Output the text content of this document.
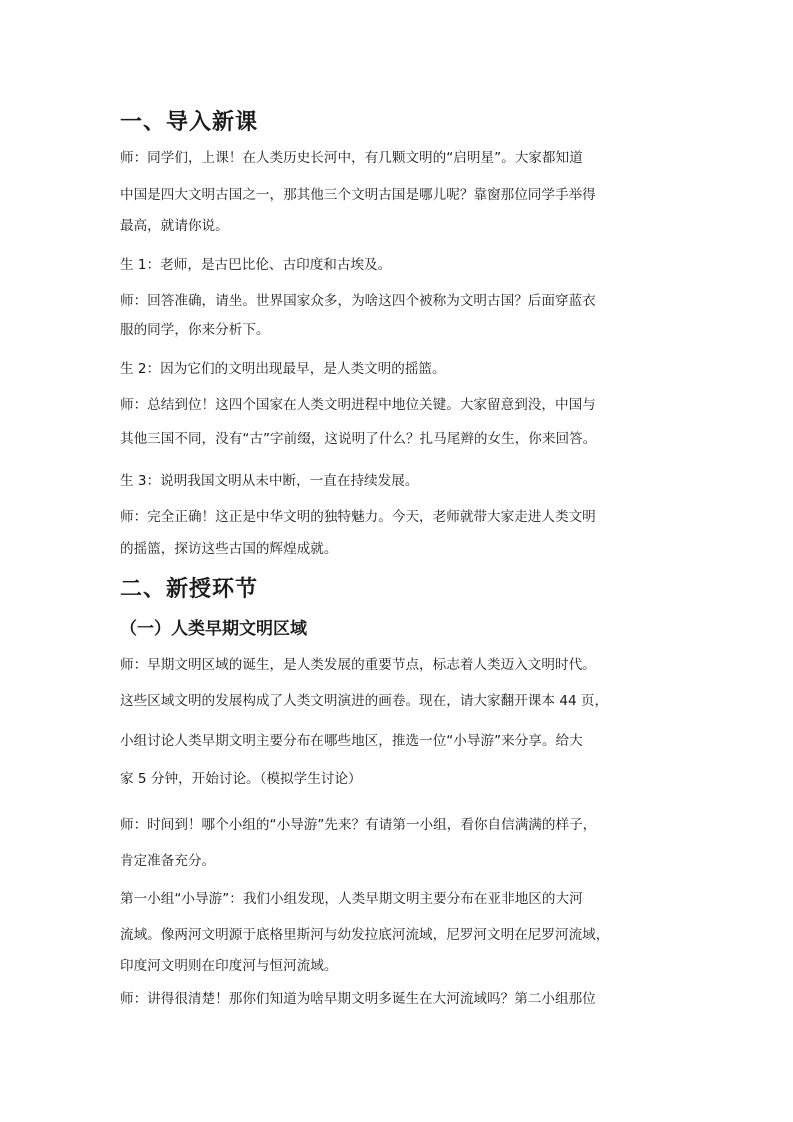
一、导入新课
师：同学们，上课！在人类历史长河中，有几颗文明的“启明星”。大家都知道
中国是四大文明古国之一，那其他三个文明古国是哪儿呢？靠窗那位同学手举得
最高，就请你说。
生 1：老师，是古巴比伦、古印度和古埃及。
师：回答准确，请坐。世界国家众多，为啥这四个被称为文明古国？后面穿蓝衣
服的同学，你来分析下。
生 2：因为它们的文明出现最早，是人类文明的摇篮。
师：总结到位！这四个国家在人类文明进程中地位关键。大家留意到没，中国与
其他三国不同，没有“古”字前缀，这说明了什么？扎马尾辫的女生，你来回答。
生 3：说明我国文明从未中断，一直在持续发展。
师：完全正确！这正是中华文明的独特魅力。今天，老师就带大家走进人类文明
的摇篮，探访这些古国的辉煌成就。
二、新授环节
（一）人类早期文明区域
师：早期文明区域的诞生，是人类发展的重要节点，标志着人类迈入文明时代。
这些区域文明的发展构成了人类文明演进的画卷。现在，请大家翻开课本 44 页，
小组讨论人类早期文明主要分布在哪些地区，推选一位“小导游”来分享。给大
家 5 分钟，开始讨论。（模拟学生讨论）
师：时间到！哪个小组的“小导游”先来？有请第一小组，看你自信满满的样子，
肯定准备充分。
第一小组“小导游”：我们小组发现，人类早期文明主要分布在亚非地区的大河
流域。像两河文明源于底格里斯河与幼发拉底河流域，尼罗河文明在尼罗河流域，
印度河文明则在印度河与恒河流域。
师：讲得很清楚！那你们知道为啥早期文明多诞生在大河流域吗？第二小组那位
